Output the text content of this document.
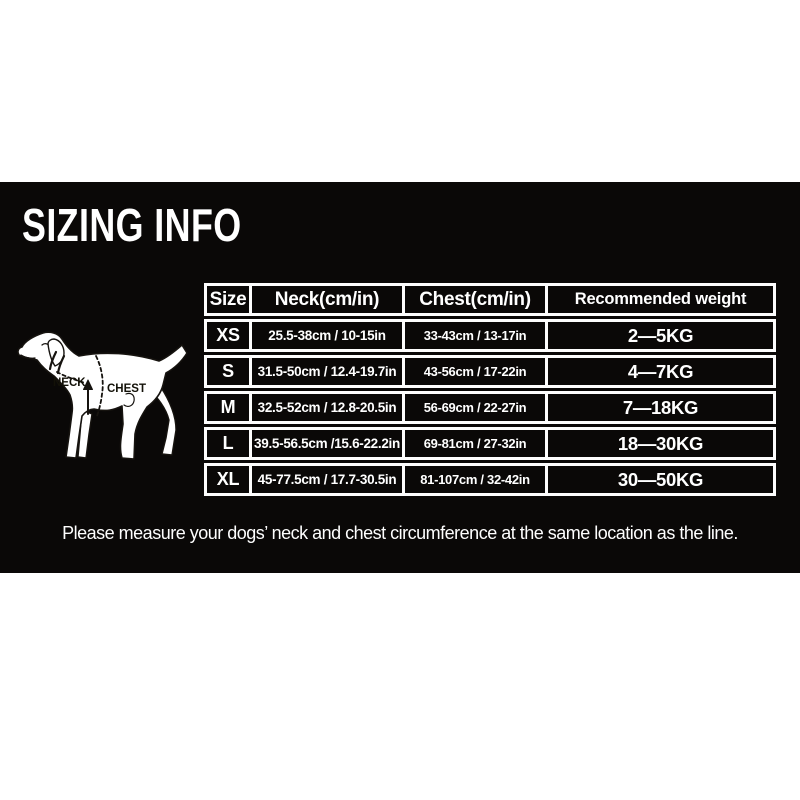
SIZING INFO
NECK CHEST
Size	Neck(cm/in)	Chest(cm/in)	Recommended weight
XS	25.5-38cm / 10-15in	33-43cm / 13-17in	2—5KG
S	31.5-50cm / 12.4-19.7in	43-56cm / 17-22in	4—7KG
M	32.5-52cm / 12.8-20.5in	56-69cm / 22-27in	7—18KG
L	39.5-56.5cm /15.6-22.2in	69-81cm / 27-32in	18—30KG
XL	45-77.5cm / 17.7-30.5in	81-107cm / 32-42in	30—50KG
Please measure your dogs’ neck and chest circumference at the same location as the line.
